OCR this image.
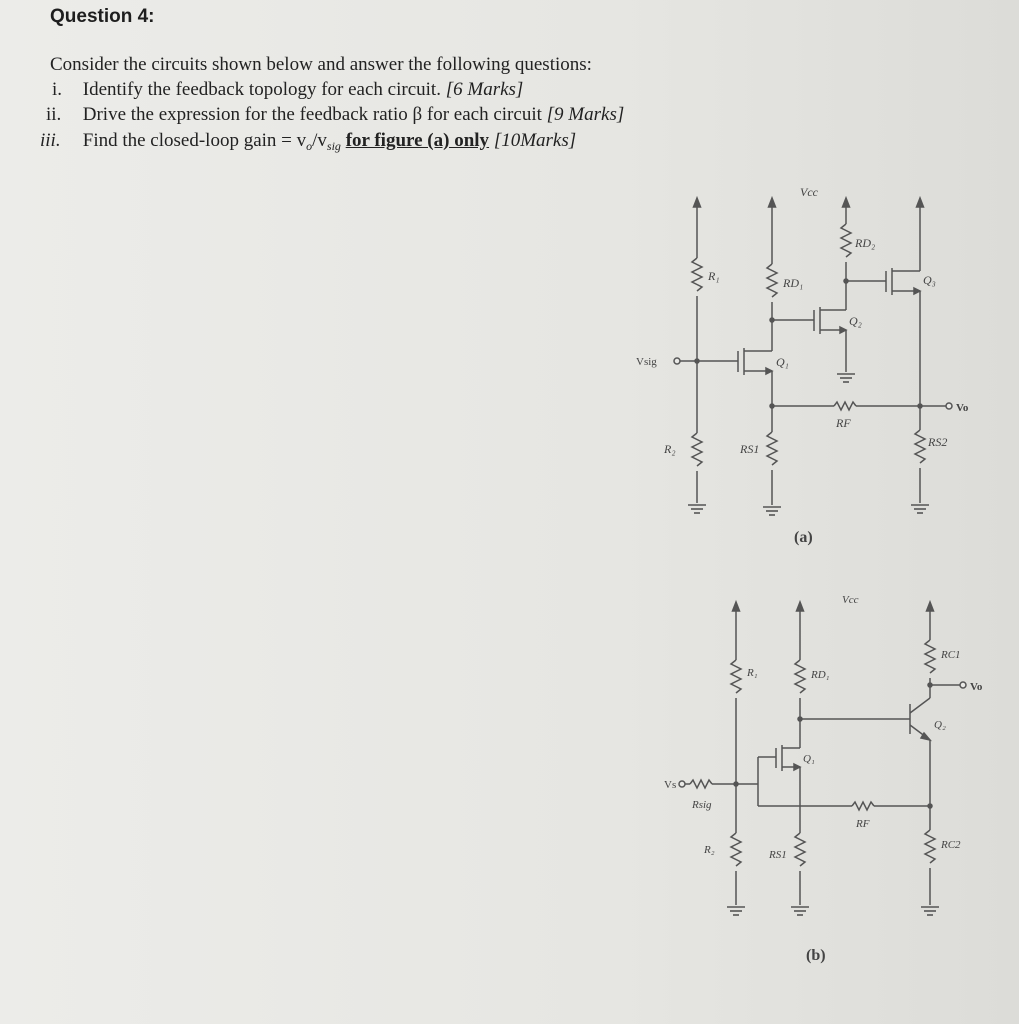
Question 4:
Consider the circuits shown below and answer the following questions:
i. Identify the feedback topology for each circuit. [6 Marks]
ii. Drive the expression for the feedback ratio β for each circuit [9 Marks]
iii. Find the closed-loop gain = $v_o/v_{sig}$ for figure (a) only [10Marks]
Vcc
Vsig
R₁
R₂
RD₁
RD₂
RS1	RS2
RF
Q₁
Q₂
Q₃
Vo
(a)
Vcc
Vs
Rsig
R₁
R₂
RD₁
RS1
RF
RC1
RC2
Q₁
Q₂
Vo
(b)
